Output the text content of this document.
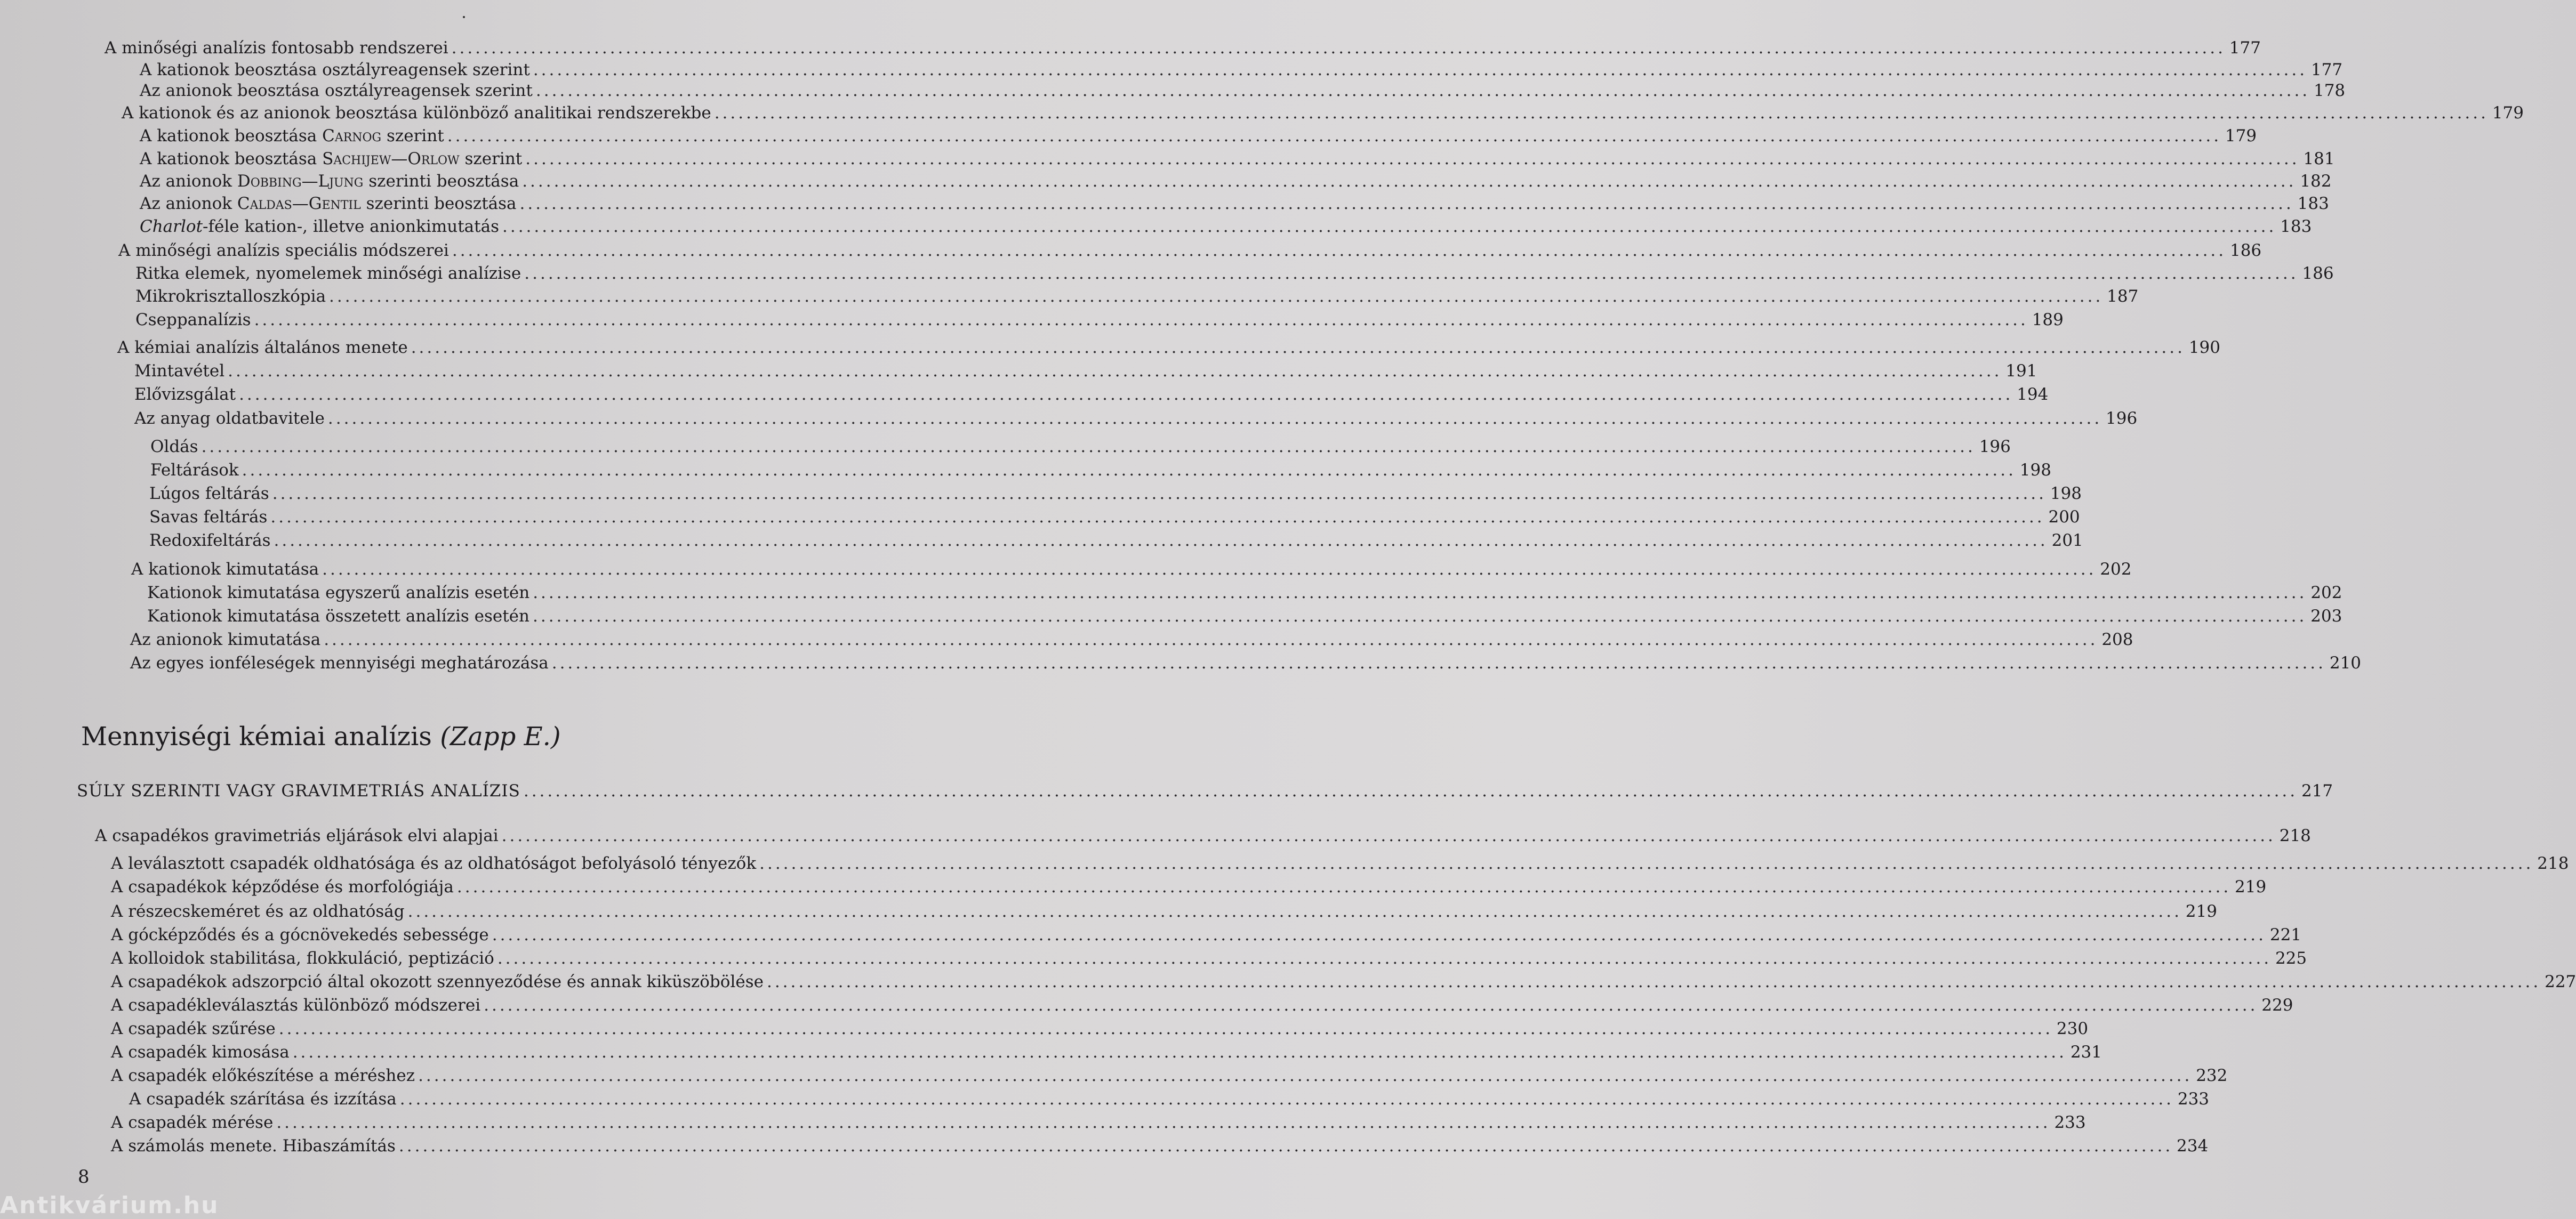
A minőségi analízis fontosabb rendszerei ................................................................................................................................................................................................................................ 177
A kationok beosztása osztályreagensek szerint ................................................................................................................................................................................................................................ 177
Az anionok beosztása osztályreagensek szerint ................................................................................................................................................................................................................................ 178
A kationok és az anionok beosztása különböző analitikai rendszerekbe ................................................................................................................................................................................................................................ 179
A kationok beosztása Carnog szerint ................................................................................................................................................................................................................................ 179
A kationok beosztása Sachijew—Orlow szerint ................................................................................................................................................................................................................................ 181
Az anionok Dobbing—Ljung szerinti beosztása ................................................................................................................................................................................................................................ 182
Az anionok Caldas—Gentil szerinti beosztása ................................................................................................................................................................................................................................ 183
Charlot-féle kation-, illetve anionkimutatás ................................................................................................................................................................................................................................ 183
A minőségi analízis speciális módszerei ................................................................................................................................................................................................................................ 186
Ritka elemek, nyomelemek minőségi analízise ................................................................................................................................................................................................................................ 186
Mikrokrisztalloszkópia ................................................................................................................................................................................................................................ 187
Cseppanalízis ................................................................................................................................................................................................................................ 189
A kémiai analízis általános menete ................................................................................................................................................................................................................................ 190
Mintavétel ................................................................................................................................................................................................................................ 191
Elővizsgálat ................................................................................................................................................................................................................................ 194
Az anyag oldatbavitele ................................................................................................................................................................................................................................ 196
Oldás ................................................................................................................................................................................................................................ 196
Feltárások ................................................................................................................................................................................................................................ 198
Lúgos feltárás ................................................................................................................................................................................................................................ 198
Savas feltárás ................................................................................................................................................................................................................................ 200
Redoxifeltárás ................................................................................................................................................................................................................................ 201
A kationok kimutatása ................................................................................................................................................................................................................................ 202
Kationok kimutatása egyszerű analízis esetén ................................................................................................................................................................................................................................ 202
Kationok kimutatása összetett analízis esetén ................................................................................................................................................................................................................................ 203
Az anionok kimutatása ................................................................................................................................................................................................................................ 208
Az egyes ionféleségek mennyiségi meghatározása ................................................................................................................................................................................................................................ 210
Mennyiségi kémiai analízis (Zapp E.)
SÚLY SZERINTI VAGY GRAVIMETRIÁS ANALÍZIS ................................................................................................................................................................................................................................ 217
A csapadékos gravimetriás eljárások elvi alapjai ................................................................................................................................................................................................................................ 218
A leválasztott csapadék oldhatósága és az oldhatóságot befolyásoló tényezők ................................................................................................................................................................................................................................ 218
A csapadékok képződése és morfológiája ................................................................................................................................................................................................................................ 219
A részecskeméret és az oldhatóság ................................................................................................................................................................................................................................ 219
A gócképződés és a gócnövekedés sebessége ................................................................................................................................................................................................................................ 221
A kolloidok stabilitása, flokkuláció, peptizáció ................................................................................................................................................................................................................................ 225
A csapadékok adszorpció által okozott szennyeződése és annak kiküszöbölése ................................................................................................................................................................................................................................ 227
A csapadékleválasztás különböző módszerei ................................................................................................................................................................................................................................ 229
A csapadék szűrése ................................................................................................................................................................................................................................ 230
A csapadék kimosása ................................................................................................................................................................................................................................ 231
A csapadék előkészítése a méréshez ................................................................................................................................................................................................................................ 232
A csapadék szárítása és izzítása ................................................................................................................................................................................................................................ 233
A csapadék mérése ................................................................................................................................................................................................................................ 233
A számolás menete. Hibaszámítás ................................................................................................................................................................................................................................ 234
8
Antikvárium.hu
